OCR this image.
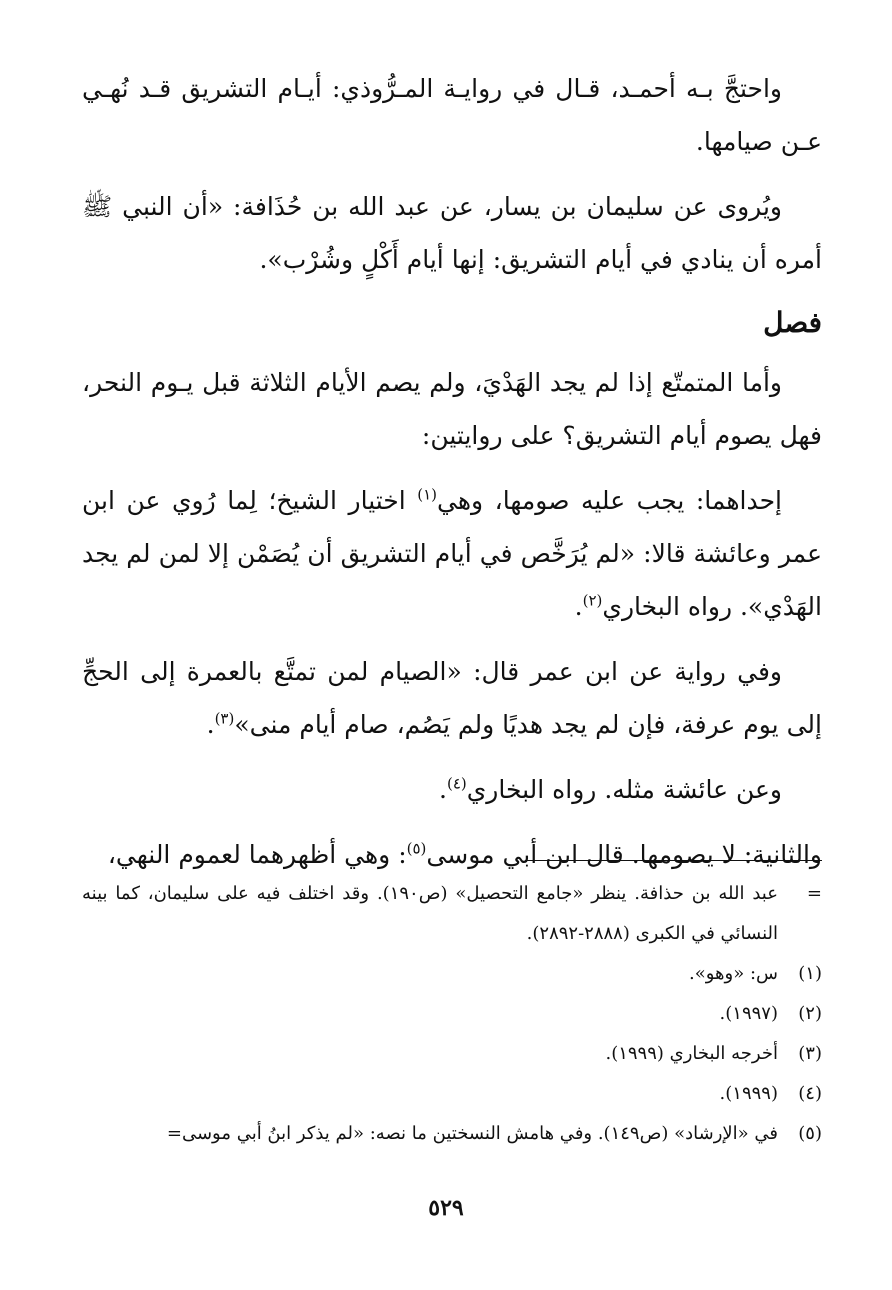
واحتجَّ بـه أحمـد، قـال في روايـة المـرُّوذي: أيـام التشريق قـد نُهـي عـن صيامها.

ويُروى عن سليمان بن يسار، عن عبد الله بن حُذَافة: «أن النبي ﷺ أمره أن ينادي في أيام التشريق: إنها أيام أَكْلٍ وشُرْب».

فصل

وأما المتمتّع إذا لم يجد الهَدْيَ، ولم يصم الأيام الثلاثة قبل يـوم النحر، فهل يصوم أيام التشريق؟ على روايتين:

إحداهما: يجب عليه صومها، وهي$^{(١)}$ اختيار الشيخ؛ لِما رُوي عن ابن عمر وعائشة قالا: «لم يُرَخَّص في أيام التشريق أن يُصَمْن إلا لمن لم يجد الهَدْي». رواه البخاري$^{(٢)}$.

وفي رواية عن ابن عمر قال: «الصيام لمن تمتَّع بالعمرة إلى الحجِّ إلى يوم عرفة، فإن لم يجد هديًا ولم يَصُم، صام أيام منى»$^{(٣)}$.

وعن عائشة مثله. رواه البخاري$^{(٤)}$.

والثانية: لا يصومها. قال ابن أبي موسى$^{(٥)}$: وهي أظهرهما لعموم النهي،

=
عبد الله بن حذافة. ينظر «جامع التحصيل» (ص١٩٠). وقد اختلف فيه على سليمان، كما بينه النسائي في الكبرى (٢٨٨٨-٢٨٩٢).
(١)
س: «وهو».
(٢)
(١٩٩٧).
(٣)
أخرجه البخاري (١٩٩٩).
(٤)
(١٩٩٩).
(٥)
في «الإرشاد» (ص١٤٩). وفي هامش النسختين ما نصه: «لم يذكر ابنُ أبي موسى=
٥٢٩
